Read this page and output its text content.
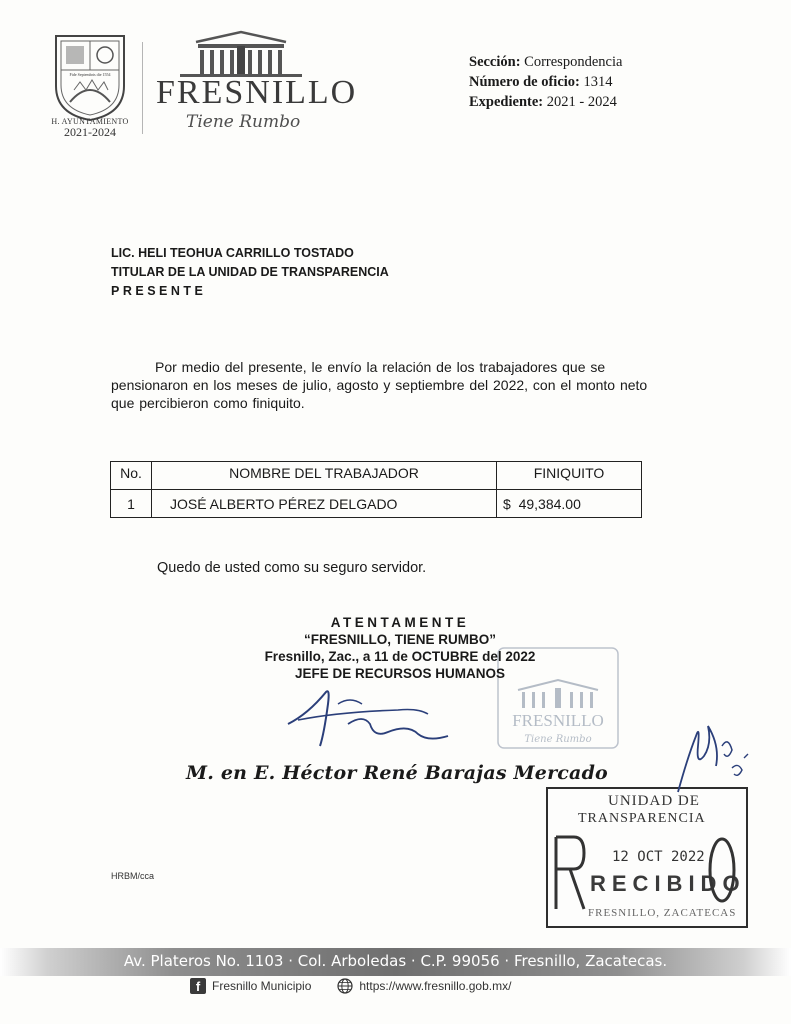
Fide Septembris die 1554
H. AYUNTAMIENTO
2021-2024
FRESNILLO
Tiene Rumbo
Sección: Correspondencia
Número de oficio: 1314
Expediente: 2021 - 2024
LIC. HELI TEOHUA CARRILLO TOSTADO
TITULAR DE LA UNIDAD DE TRANSPARENCIA
PRESENTE
Por medio del presente, le envío la relación de los trabajadores que se pensionaron en los meses de julio, agosto y septiembre del 2022, con el monto neto que percibieron como finiquito.
No.	NOMBRE DEL TRABAJADOR	FINIQUITO
1	JOSÉ ALBERTO PÉREZ DELGADO	$ 49,384.00
Quedo de usted como su seguro servidor.
FRESNILLO
Tiene Rumbo
ATENTAMENTE
“FRESNILLO, TIENE RUMBO”
Fresnillo, Zac., a 11 de OCTUBRE del 2022
JEFE DE RECURSOS HUMANOS
M. en E. Héctor René Barajas Mercado
UNIDAD DE
TRANSPARENCIA
12 OCT 2022
RECIBIDO
FRESNILLO, ZACATECAS
HRBM/cca
Av. Plateros No. 1103 · Col. Arboledas · C.P. 99056 · Fresnillo, Zacatecas.
f Fresnillo Municipio	https://www.fresnillo.gob.mx/
